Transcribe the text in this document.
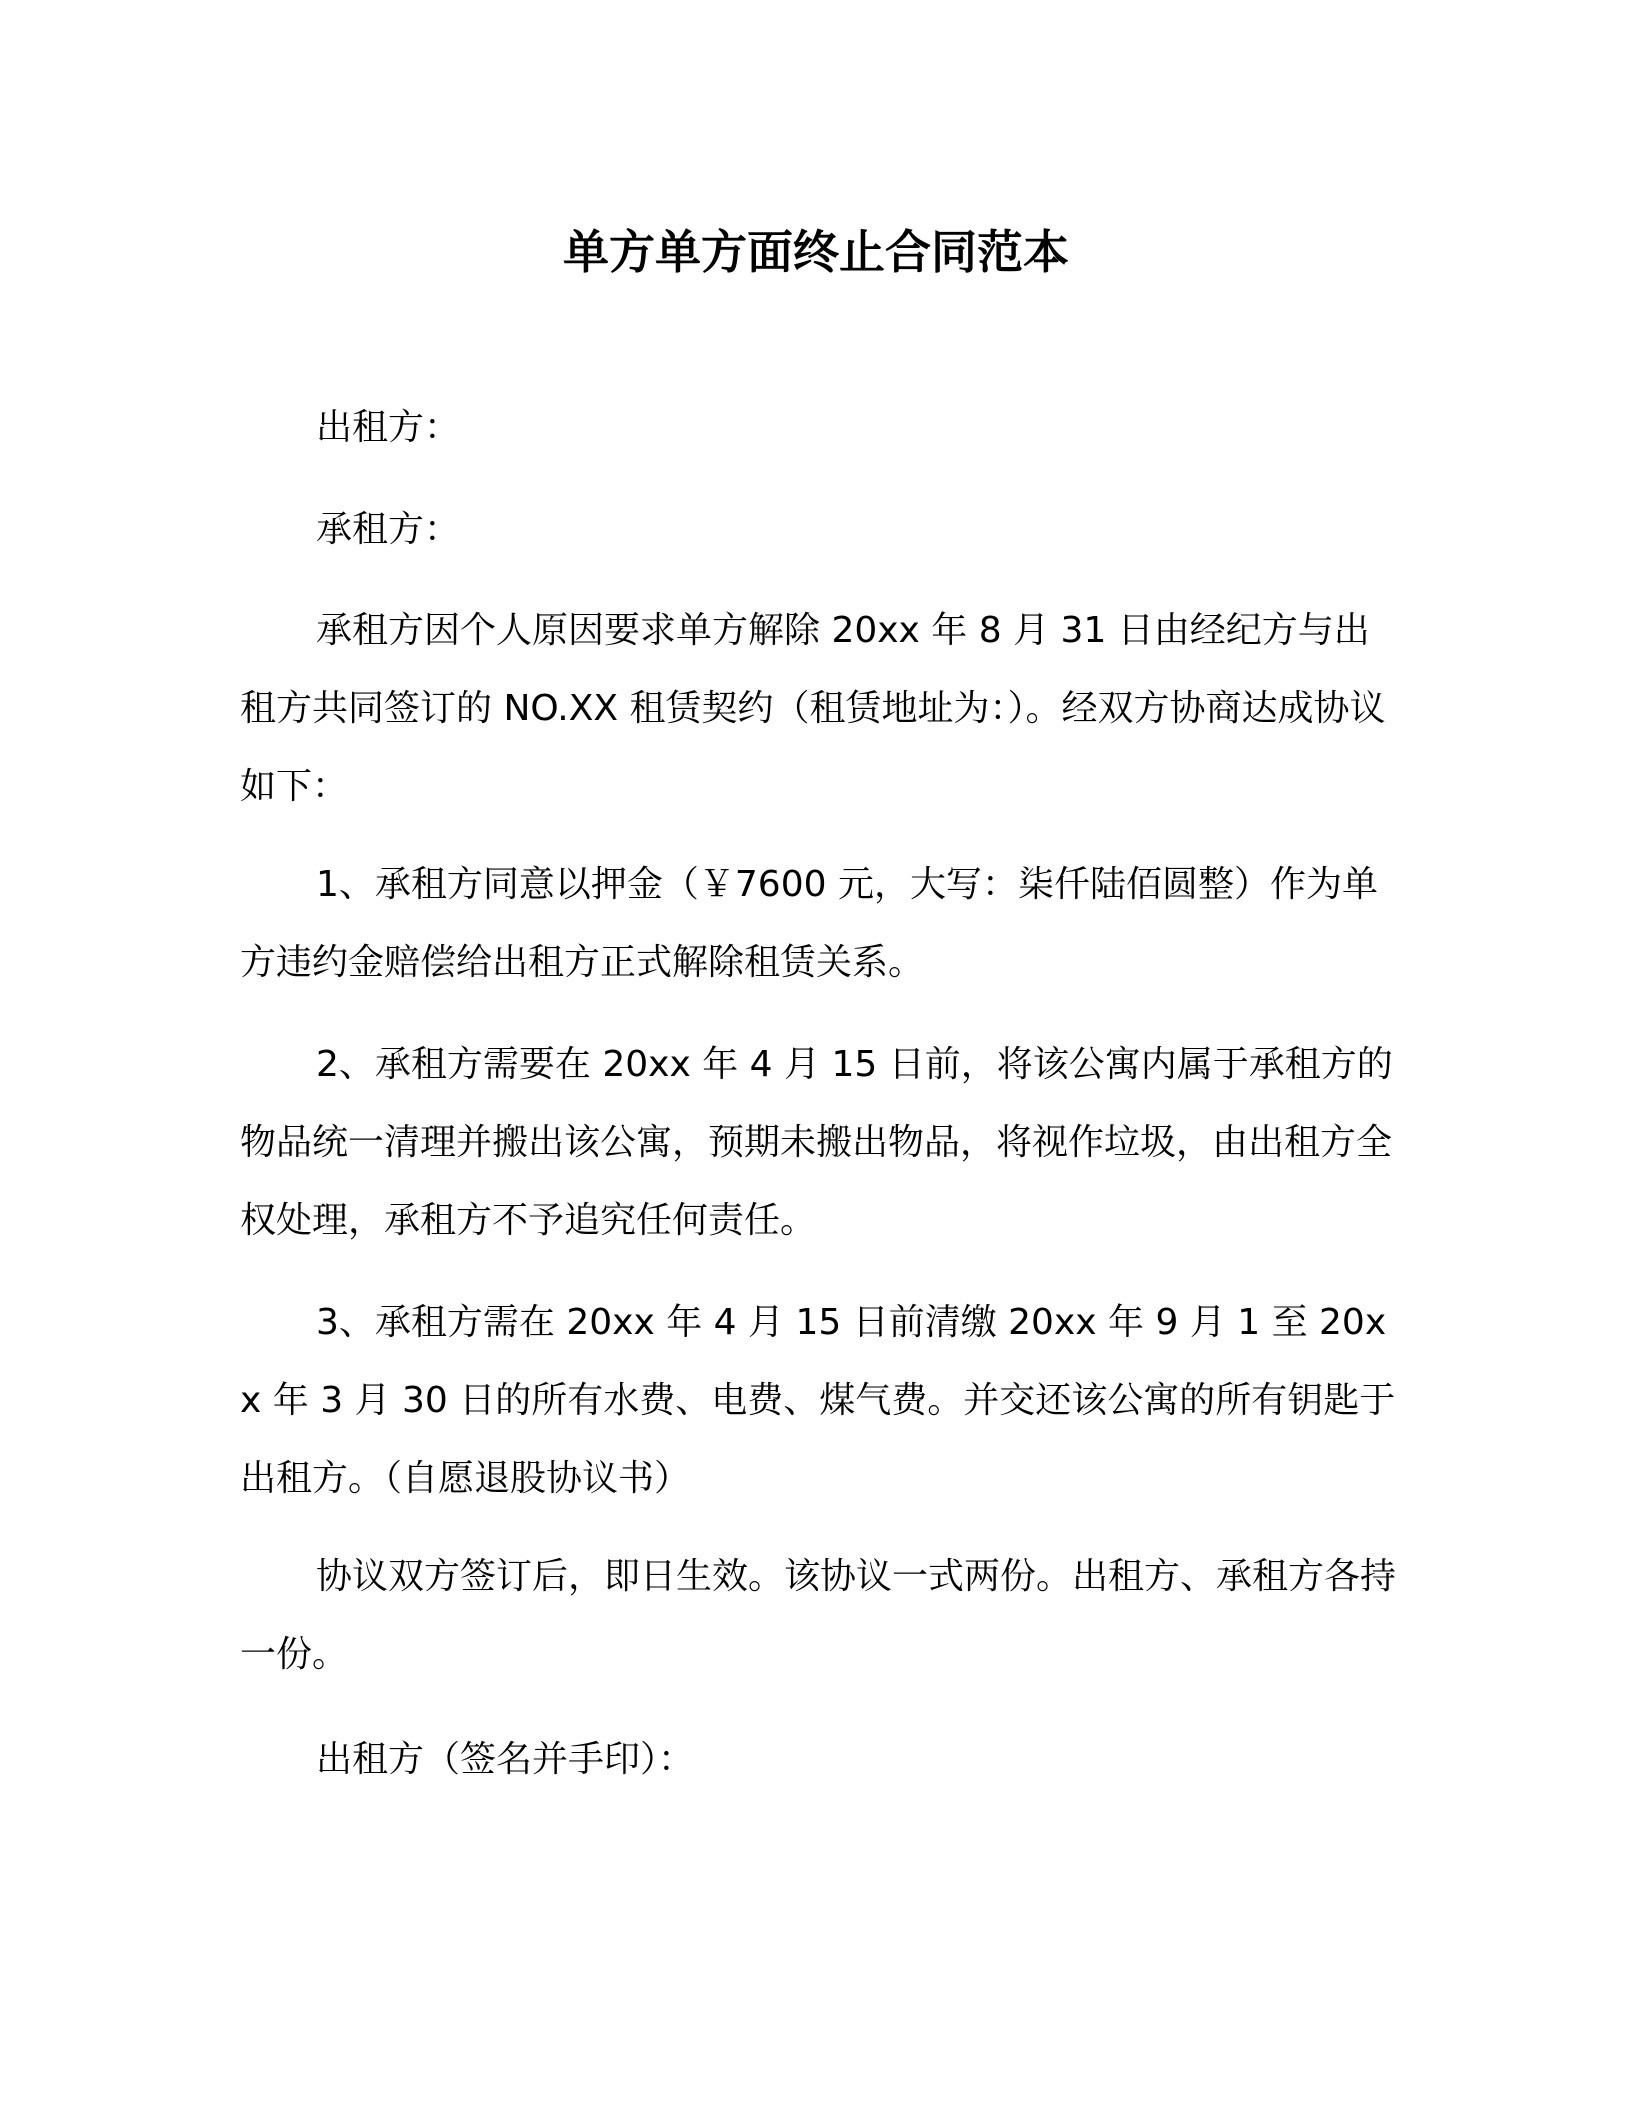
单方单方面终止合同范本

出租方：

承租方：

承租方因个人原因要求单方解除 20xx 年 8 月 31 日由经纪方与出租方共同签订的 NO.XX 租赁契约（租赁地址为：）。经双方协商达成协议如下：

1、承租方同意以押金（￥7600 元，大写：柒仟陆佰圆整）作为单方违约金赔偿给出租方正式解除租赁关系。

2、承租方需要在 20xx 年 4 月 15 日前，将该公寓内属于承租方的物品统一清理并搬出该公寓，预期未搬出物品，将视作垃圾，由出租方全权处理，承租方不予追究任何责任。

3、承租方需在 20xx 年 4 月 15 日前清缴 20xx 年 9 月 1 至 20xx 年 3 月 30 日的所有水费、电费、煤气费。并交还该公寓的所有钥匙于出租方。（自愿退股协议书）

协议双方签订后，即日生效。该协议一式两份。出租方、承租方各持一份。

出租方（签名并手印）：
